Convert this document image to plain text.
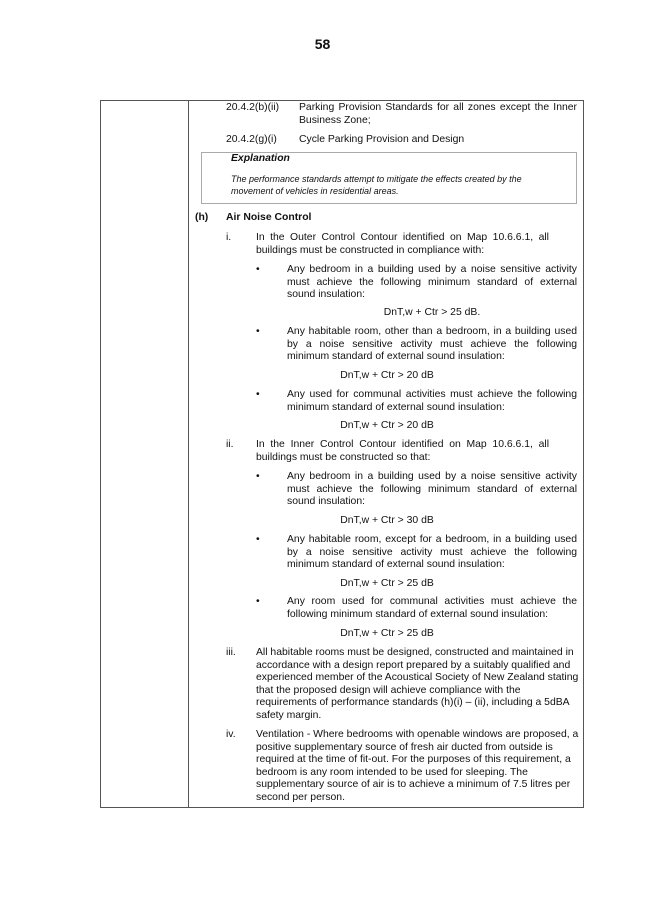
58
20.4.2(b)(ii) Parking Provision Standards for all zones except the Inner Business Zone;
20.4.2(g)(i) Cycle Parking Provision and Design
Explanation
The performance standards attempt to mitigate the effects created by the movement of vehicles in residential areas.
(h) Air Noise Control
i. In the Outer Control Contour identified on Map 10.6.6.1, all buildings must be constructed in compliance with:
•	Any bedroom in a building used by a noise sensitive activity must achieve the following minimum standard of external sound insulation:
DnT,w + Ctr > 25 dB.
•	Any habitable room, other than a bedroom, in a building used by a noise sensitive activity must achieve the following minimum standard of external sound insulation:
DnT,w + Ctr > 20 dB
•	Any used for communal activities must achieve the following minimum standard of external sound insulation:
DnT,w + Ctr > 20 dB
ii. In the Inner Control Contour identified on Map 10.6.6.1, all buildings must be constructed so that:
•	Any bedroom in a building used by a noise sensitive activity must achieve the following minimum standard of external sound insulation:
DnT,w + Ctr > 30 dB
•	Any habitable room, except for a bedroom, in a building used by a noise sensitive activity must achieve the following minimum standard of external sound insulation:
DnT,w + Ctr > 25 dB
•	Any room used for communal activities must achieve the following minimum standard of external sound insulation:
DnT,w + Ctr > 25 dB
iii. All habitable rooms must be designed, constructed and maintained in accordance with a design report prepared by a suitably qualified and experienced member of the Acoustical Society of New Zealand stating that the proposed design will achieve compliance with the requirements of performance standards (h)(i) – (ii), including a 5dBA safety margin.
iv. Ventilation - Where bedrooms with openable windows are proposed, a positive supplementary source of fresh air ducted from outside is required at the time of fit-out. For the purposes of this requirement, a bedroom is any room intended to be used for sleeping. The supplementary source of air is to achieve a minimum of 7.5 litres per second per person.
